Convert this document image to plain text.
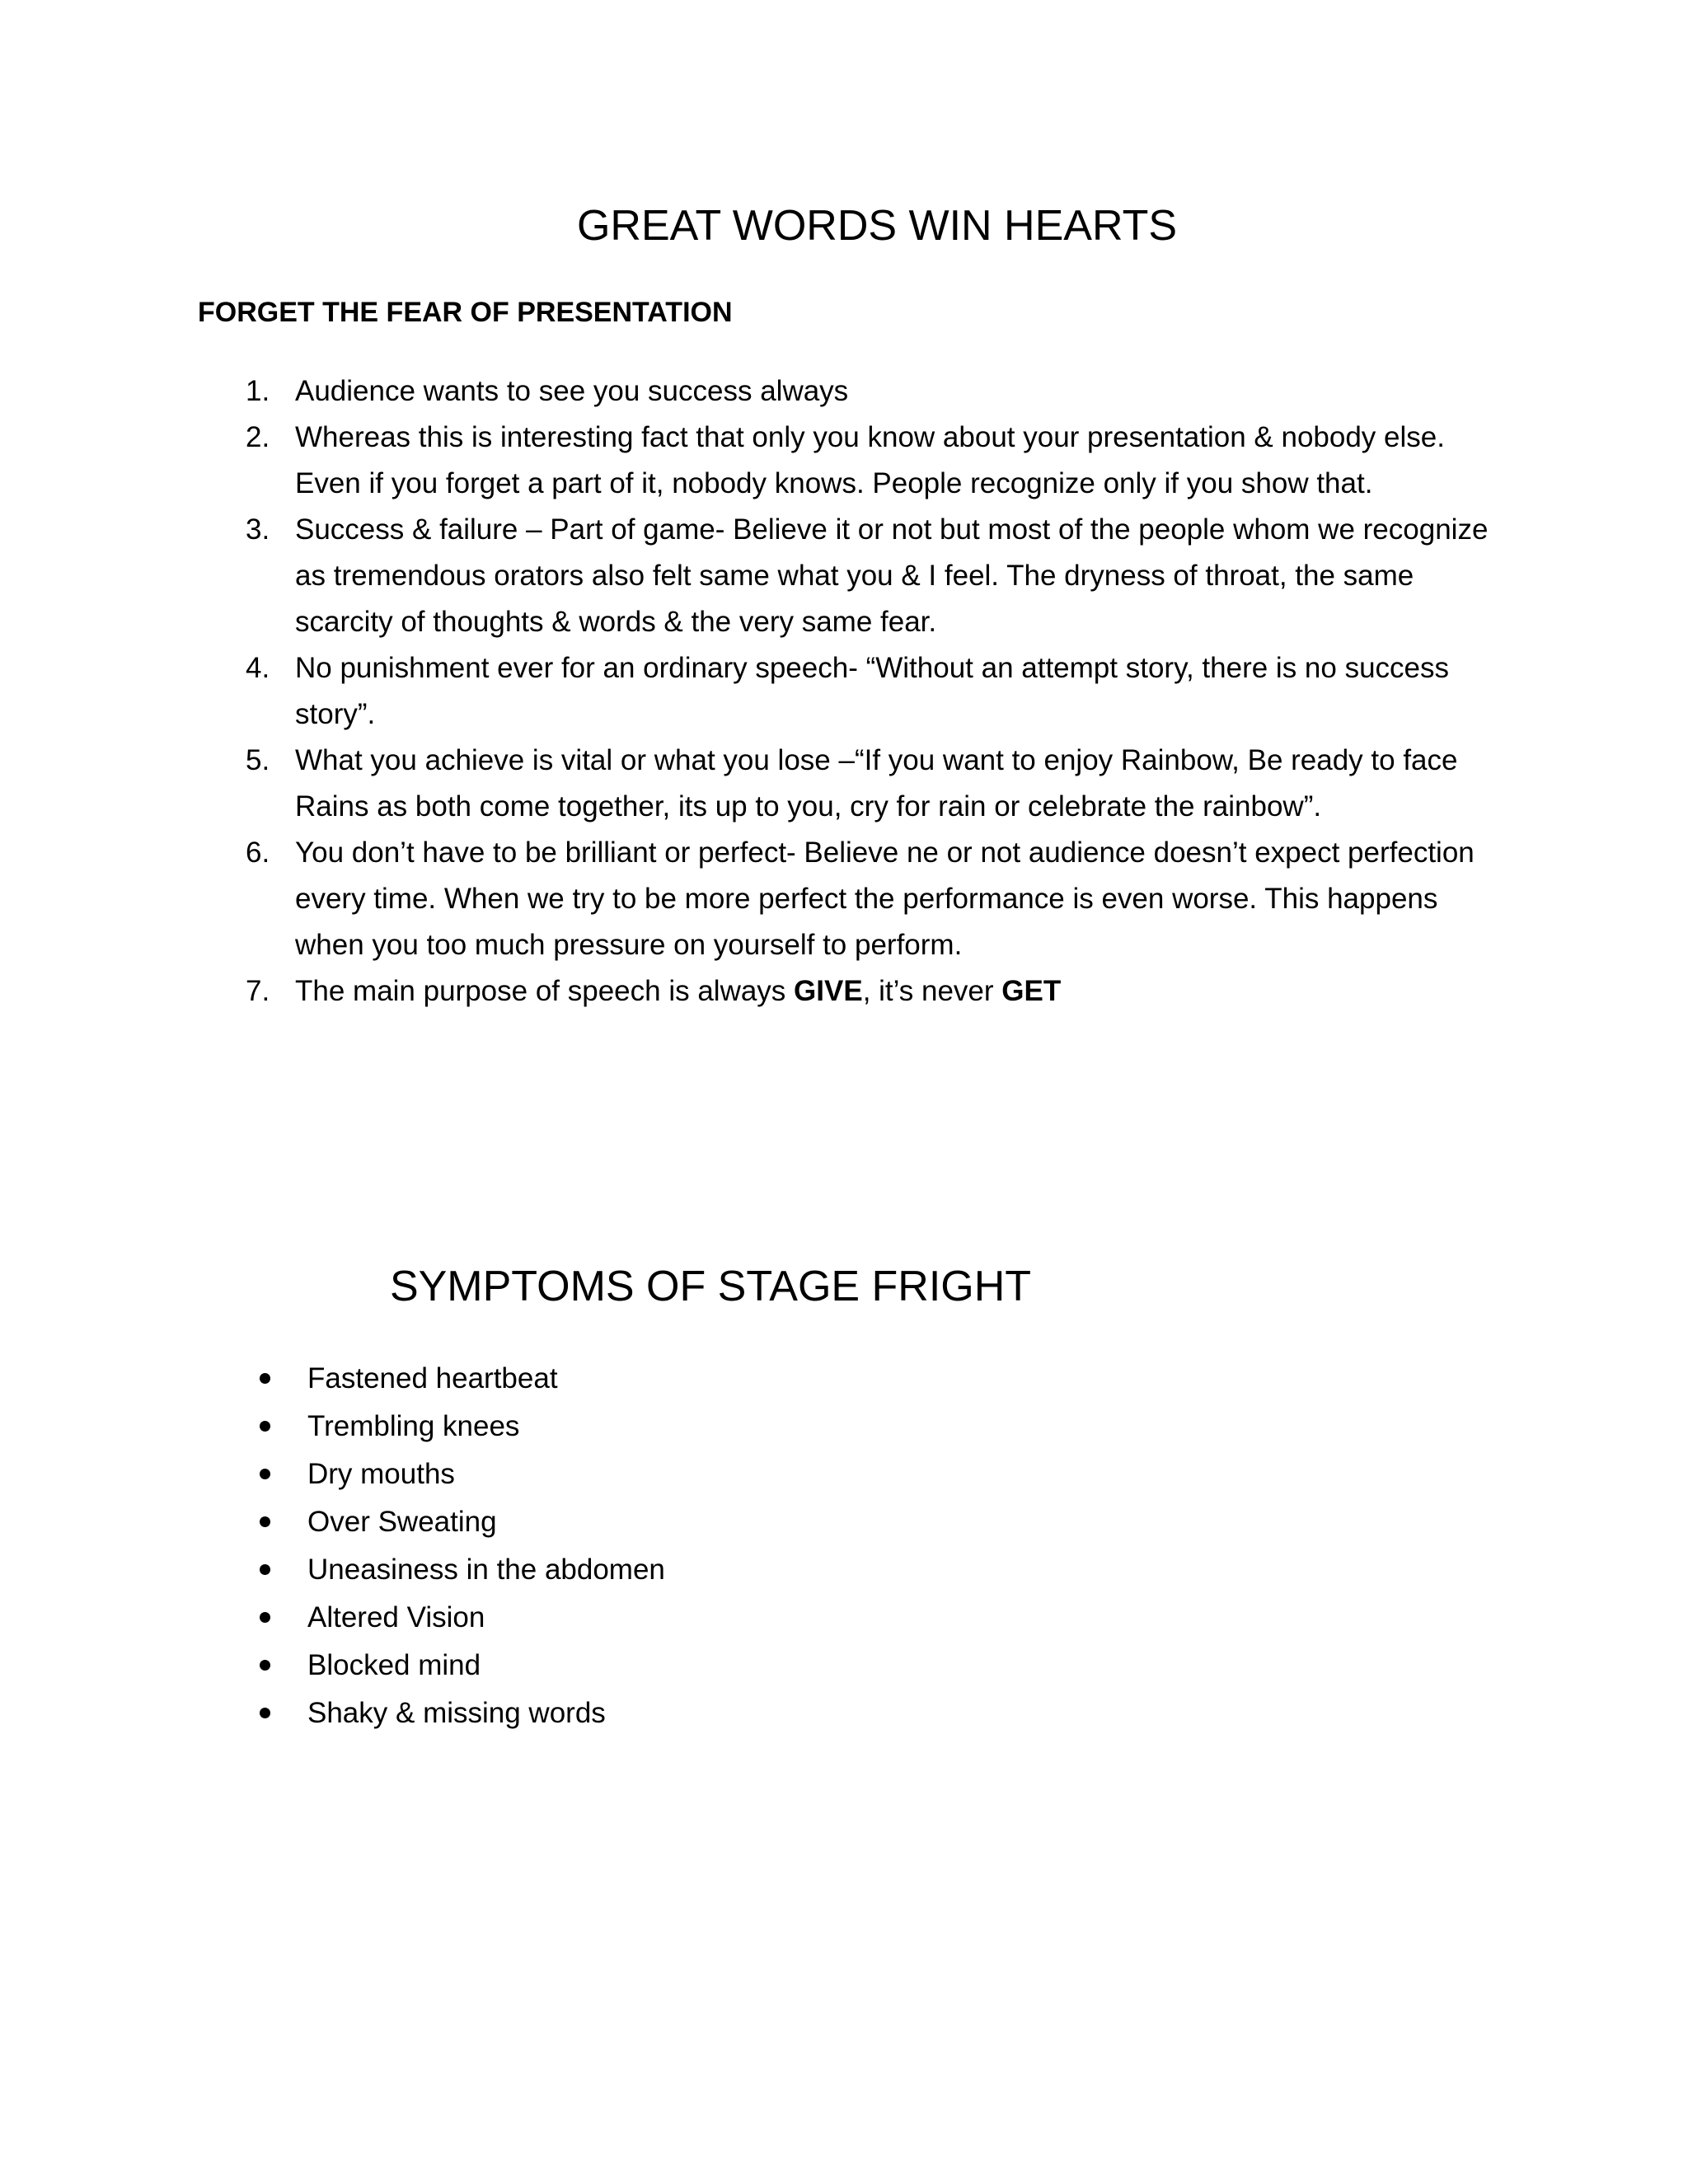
GREAT WORDS WIN HEARTS
FORGET THE FEAR OF PRESENTATION
1. Audience wants to see you success always
2. Whereas this is interesting fact that only you know about your presentation & nobody else. Even if you forget a part of it, nobody knows. People recognize only if you show that.
3. Success & failure – Part of game- Believe it or not but most of the people whom we recognize as tremendous orators also felt same what you & I feel. The dryness of throat, the same scarcity of thoughts & words & the very same fear.
4. No punishment ever for an ordinary speech- “Without an attempt story, there is no success story”.
5. What you achieve is vital or what you lose –“If you want to enjoy Rainbow, Be ready to face Rains as both come together, its up to you, cry for rain or celebrate the rainbow”.
6. You don’t have to be brilliant or perfect- Believe ne or not audience doesn’t expect perfection every time. When we try to be more perfect the performance is even worse. This happens when you too much pressure on yourself to perform.
7. The main purpose of speech is always GIVE, it’s never GET
SYMPTOMS OF STAGE FRIGHT
Fastened heartbeat
Trembling knees
Dry mouths
Over Sweating
Uneasiness in the abdomen
Altered Vision
Blocked mind
Shaky & missing words
